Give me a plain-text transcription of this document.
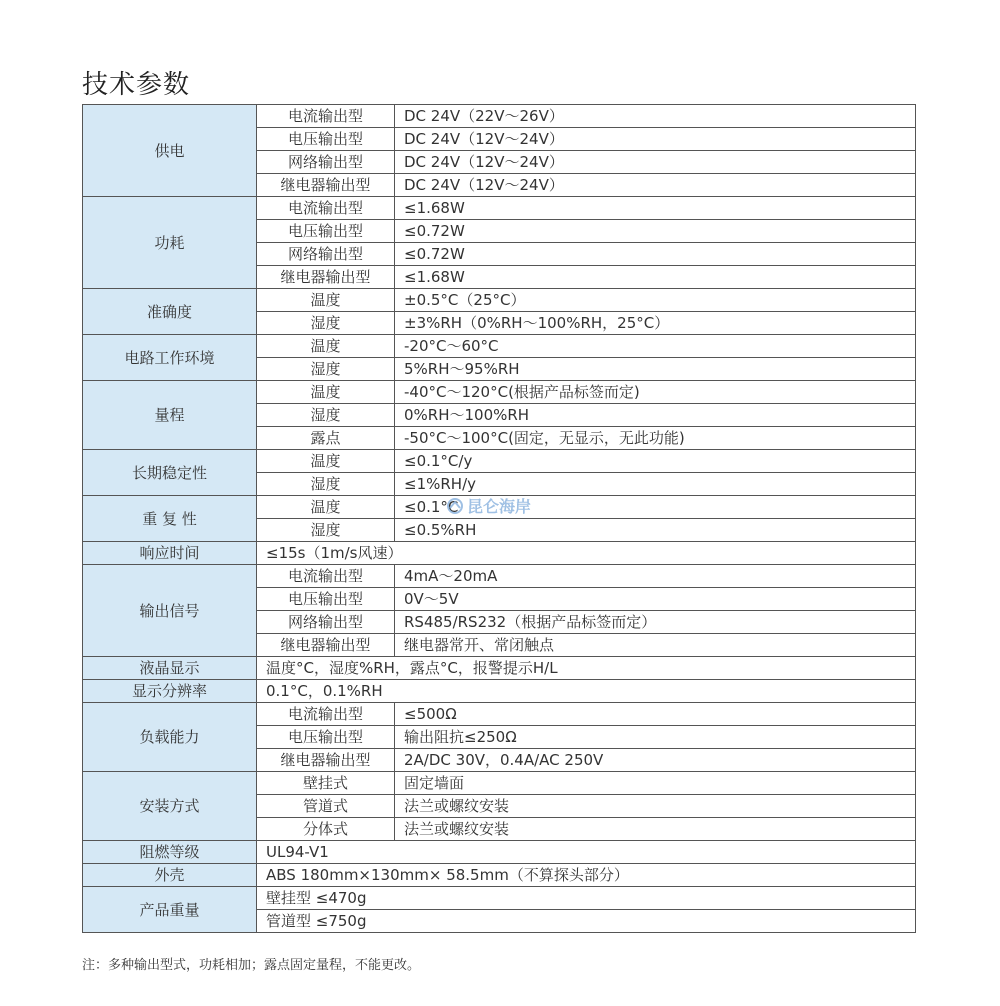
技术参数
供电	电流输出型	DC 24V（22V～26V）
	电压输出型	DC 24V（12V～24V）
	网络输出型	DC 24V（12V～24V）
	继电器输出型	DC 24V（12V～24V）
功耗	电流输出型	≤1.68W
	电压输出型	≤0.72W
	网络输出型	≤0.72W
	继电器输出型	≤1.68W
准确度	温度	±0.5°C（25°C）
	湿度	±3%RH（0%RH～100%RH，25°C）
电路工作环境	温度	-20°C～60°C
	湿度	5%RH～95%RH
量程	温度	-40°C～120°C(根据产品标签而定)
	湿度	0%RH～100%RH
	露点	-50°C～100°C(固定，无显示，无此功能)
长期稳定性	温度	≤0.1°C/y
	湿度	≤1%RH/y
重 复 性	温度	≤0.1°C
	湿度	≤0.5%RH
响应时间	≤15s（1m/s风速）	
输出信号	电流输出型	4mA～20mA
	电压输出型	0V～5V
	网络输出型	RS485/RS232（根据产品标签而定）
	继电器输出型	继电器常开、常闭触点
液晶显示	温度°C，湿度%RH，露点°C，报警提示H/L	
显示分辨率	0.1°C，0.1%RH	
负载能力	电流输出型	≤500Ω
	电压输出型	输出阻抗≤250Ω
	继电器输出型	2A/DC 30V，0.4A/AC 250V
安装方式	壁挂式	固定墙面
	管道式	法兰或螺纹安装
	分体式	法兰或螺纹安装
阻燃等级	UL94-V1	
外壳	ABS 180mm×130mm× 58.5mm（不算探头部分）	
产品重量	壁挂型 ≤470g	
	管道型 ≤750g	
昆仑海岸

注：多种输出型式，功耗相加；露点固定量程，不能更改。
